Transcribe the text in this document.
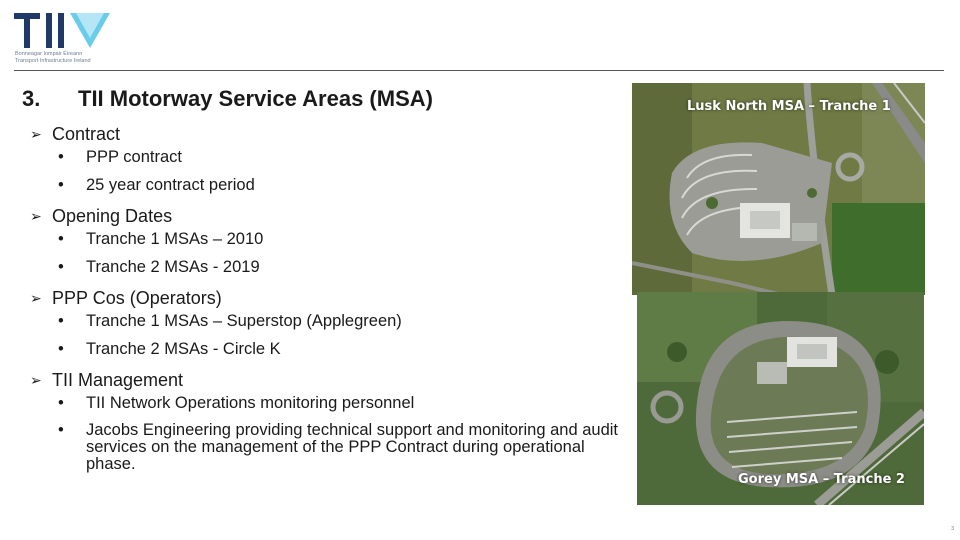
Bonneagar Iompair Éireann
Transport Infrastructure Ireland
3. TII Motorway Service Areas (MSA)
➢ Contract
•	PPP contract
•	25 year contract period
➢ Opening Dates
•	Tranche 1 MSAs – 2010
•	Tranche 2 MSAs - 2019
➢ PPP Cos (Operators)
•	Tranche 1 MSAs – Superstop (Applegreen)
•	Tranche 2 MSAs - Circle K
➢ TII Management
•	TII Network Operations monitoring personnel
•	Jacobs Engineering providing technical support and monitoring and audit services on the management of the PPP Contract during operational phase.
Lusk North MSA – Tranche 1
Gorey MSA – Tranche 2
3
